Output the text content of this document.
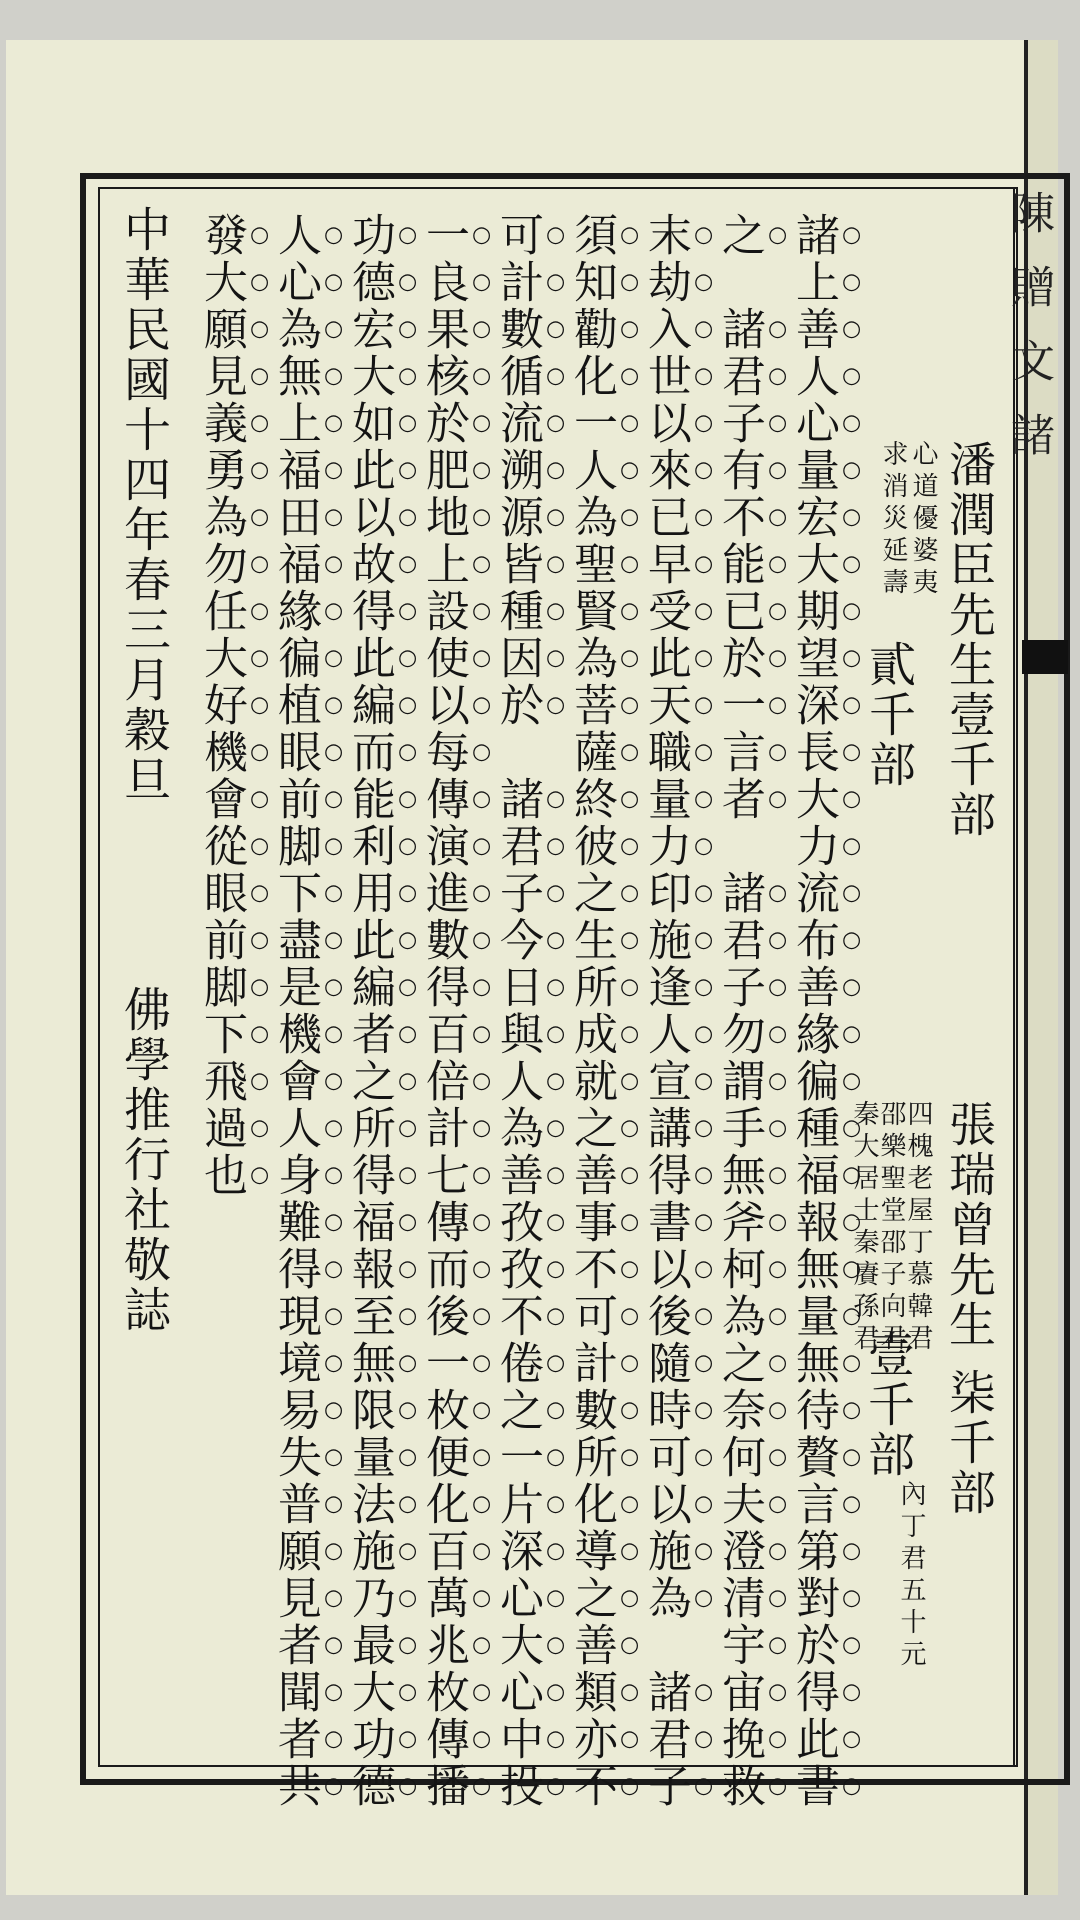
陳贈文諸
潘潤臣先生壹千部
心道優婆夷
求消災延壽
貳千部
張瑞曾先生 柒千部
四槐老屋丁慕韓君
邵樂聖堂邵子向君
秦大居士秦賡孫君
壹千部
內丁君五十元
諸上善人心量宏大期望深長大力流布善緣徧種福報無量無待贅言第對於得此書
之　諸君子有不能已於一言者　諸君子勿謂手無斧柯為之奈何夫澄清宇宙挽救
末劫入世以來已早受此天職量力印施逢人宣講得書以後隨時可以施為　諸君子
須知勸化一人為聖賢為菩薩終彼之生所成就之善事不可計數所化導之善類亦不
可計數循流溯源皆種因於　諸君子今日與人為善孜孜不倦之一片深心大心中投
一良果核於肥地上設使以每傳演進數得百倍計七傳而後一枚便化百萬兆枚傳播
功德宏大如此以故得此編而能利用此編者之所得福報至無限量法施乃最大功德
人心為無上福田福緣徧植眼前脚下盡是機會人身難得現境易失普願見者聞者共
發大願見義勇為勿任大好機會從眼前脚下飛過也
中華民國十四年春三月穀旦
佛學推行社敬誌
